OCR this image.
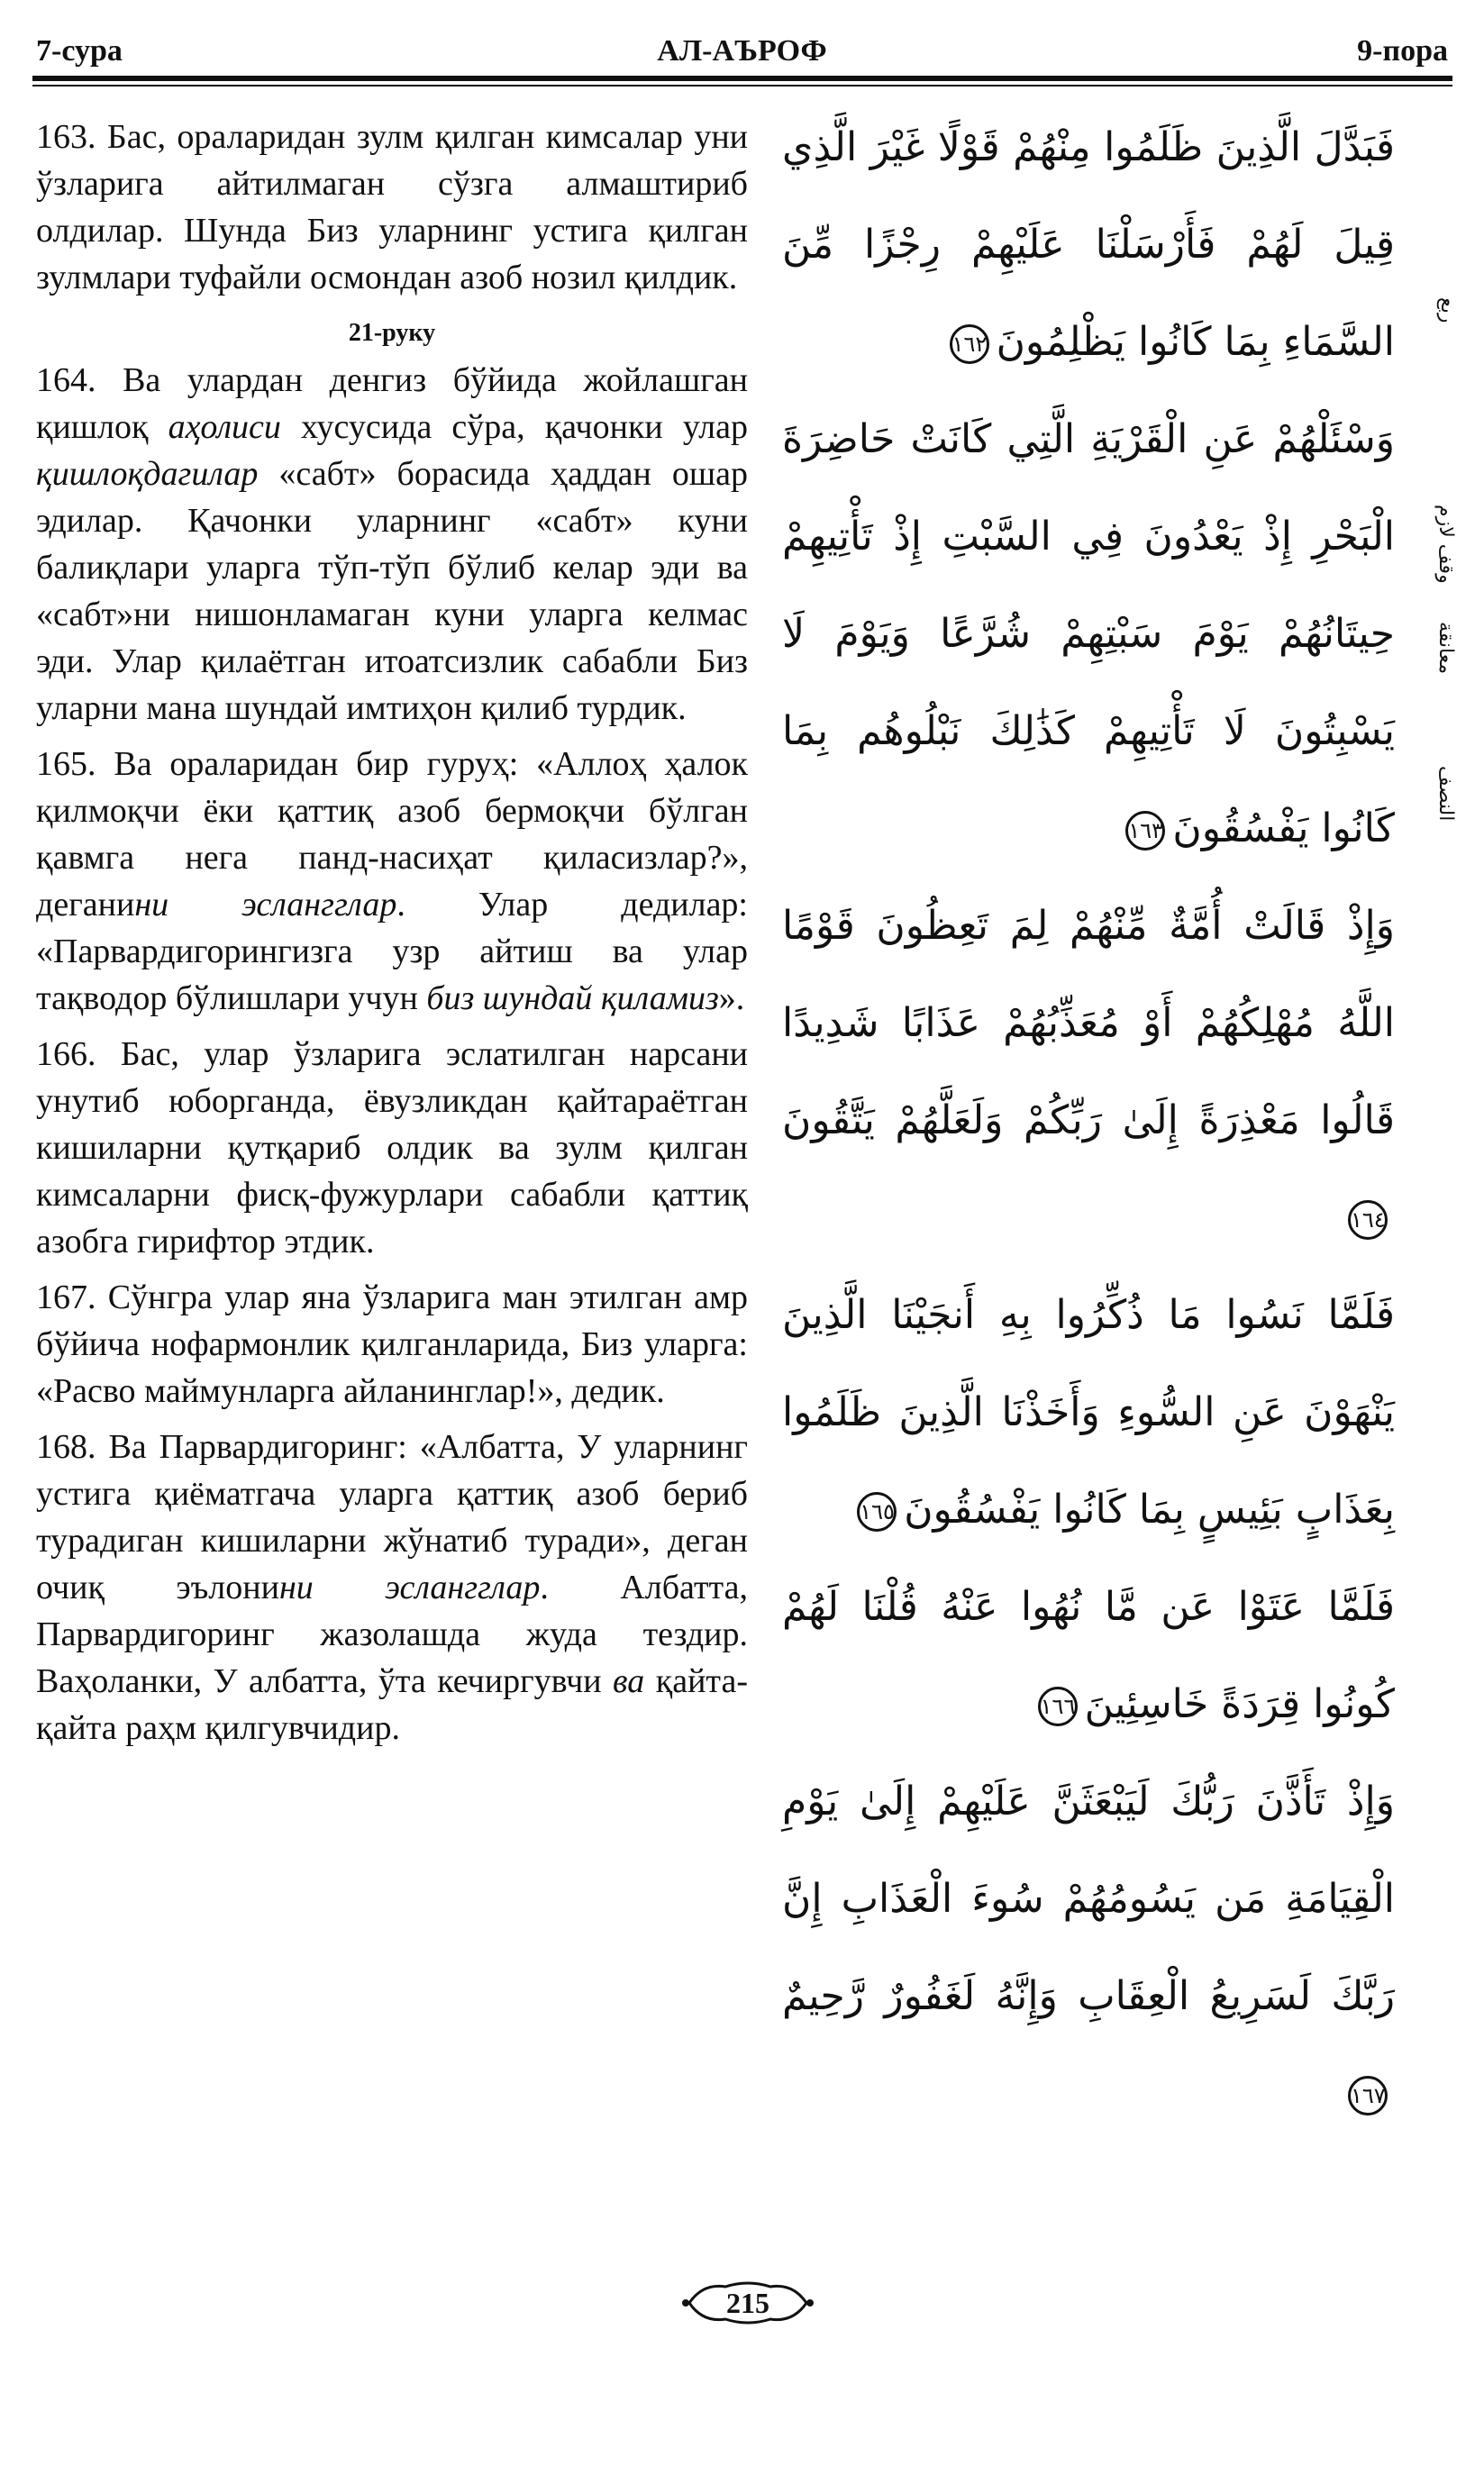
7-сура	АЛ-АЪРОФ	9-пора

163. Бас, ораларидан зулм қилган кимсалар уни ўзларига айтилмаган сўзга алмаштириб олдилар. Шунда Биз уларнинг устига қилган зулмлари туфайли осмондан азоб нозил қилдик.

21-руку

164. Ва улардан денгиз бўйида жойлашган қишлоқ аҳолиси хусусида сўра, қачонки улар қишлоқдагилар «сабт» борасида ҳаддан ошар эдилар. Қачонки уларнинг «сабт» куни балиқлари уларга тўп-тўп бўлиб келар эди ва «сабт»ни нишонламаган куни уларга келмас эди. Улар қилаётган итоатсизлик сабабли Биз уларни мана шундай имтиҳон қилиб турдик.

165. Ва ораларидан бир гуруҳ: «Аллоҳ ҳалок қилмоқчи ёки қаттиқ азоб бермоқчи бўлган қавмга нега панд-насиҳат қиласизлар?», деганини эслангглар. Улар дедилар: «Парвардигорингизга узр айтиш ва улар тақводор бўлишлари учун биз шундай қиламиз».

166. Бас, улар ўзларига эслатилган нарсани унутиб юборганда, ёвузликдан қайтараётган кишиларни қутқариб олдик ва зулм қилган кимсаларни фисқ-фужурлари сабабли қаттиқ азобга гирифтор этдик.

167. Сўнгра улар яна ўзларига ман этилган амр бўйича нофармонлик қилганларида, Биз уларга: «Расво маймунларга айланинглар!», дедик.

168. Ва Парвардигоринг: «Албатта, У уларнинг устига қиёматгача уларга қаттиқ азоб бериб турадиган кишиларни жўнатиб туради», деган очиқ эълонини эслангглар. Албатта, Парвардигоринг жазолашда жуда тездир. Ваҳоланки, У албатта, ўта кечиргувчи ва қайта-қайта раҳм қилгувчидир.

فَبَدَّلَ الَّذِينَ ظَلَمُوا مِنْهُمْ قَوْلًا غَيْرَ الَّذِي قِيلَ لَهُمْ فَأَرْسَلْنَا عَلَيْهِمْ رِجْزًا مِّنَ السَّمَاءِ بِمَا كَانُوا يَظْلِمُونَ١٦٢

وَسْئَلْهُمْ عَنِ الْقَرْيَةِ الَّتِي كَانَتْ حَاضِرَةَ الْبَحْرِ إِذْ يَعْدُونَ فِي السَّبْتِ إِذْ تَأْتِيهِمْ حِيتَانُهُمْ يَوْمَ سَبْتِهِمْ شُرَّعًا وَيَوْمَ لَا يَسْبِتُونَ لَا تَأْتِيهِمْ كَذَٰلِكَ نَبْلُوهُم بِمَا كَانُوا يَفْسُقُونَ١٦٣

وَإِذْ قَالَتْ أُمَّةٌ مِّنْهُمْ لِمَ تَعِظُونَ قَوْمًا اللَّهُ مُهْلِكُهُمْ أَوْ مُعَذِّبُهُمْ عَذَابًا شَدِيدًا قَالُوا مَعْذِرَةً إِلَىٰ رَبِّكُمْ وَلَعَلَّهُمْ يَتَّقُونَ١٦٤

فَلَمَّا نَسُوا مَا ذُكِّرُوا بِهِ أَنجَيْنَا الَّذِينَ يَنْهَوْنَ عَنِ السُّوءِ وَأَخَذْنَا الَّذِينَ ظَلَمُوا بِعَذَابٍ بَئِيسٍ بِمَا كَانُوا يَفْسُقُونَ١٦٥

فَلَمَّا عَتَوْا عَن مَّا نُهُوا عَنْهُ قُلْنَا لَهُمْ كُونُوا قِرَدَةً خَاسِئِينَ١٦٦

وَإِذْ تَأَذَّنَ رَبُّكَ لَيَبْعَثَنَّ عَلَيْهِمْ إِلَىٰ يَوْمِ الْقِيَامَةِ مَن يَسُومُهُمْ سُوءَ الْعَذَابِ إِنَّ رَبَّكَ لَسَرِيعُ الْعِقَابِ وَإِنَّهُ لَغَفُورٌ رَّحِيمٌ١٦٧

ربع
وقف لازم
معانقة
النصف
215
